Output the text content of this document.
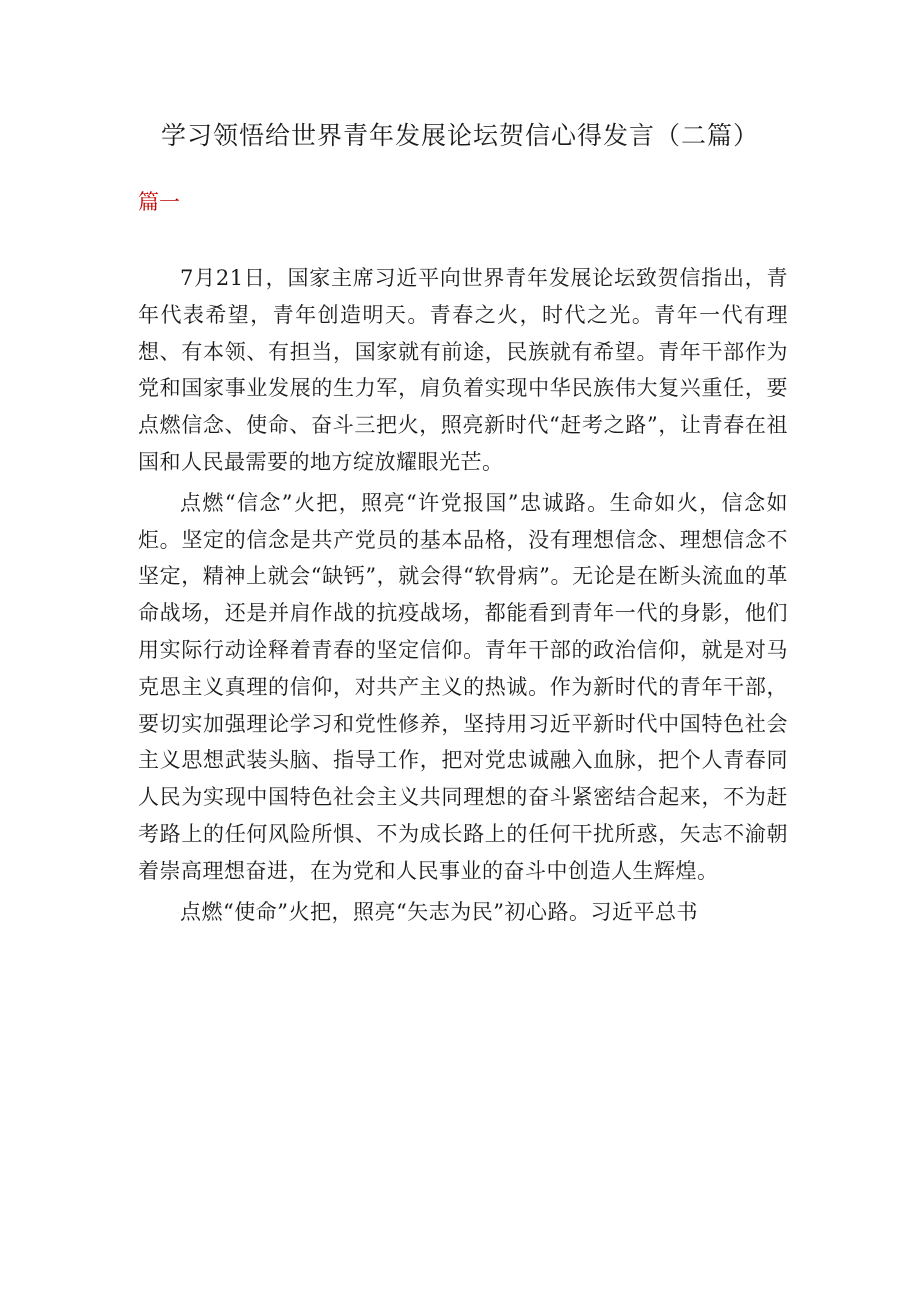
学习领悟给世界青年发展论坛贺信心得发言（二篇）
篇一

7月21日，国家主席习近平向世界青年发展论坛致贺信指出，青年代表希望，青年创造明天。青春之火，时代之光。青年一代有理想、有本领、有担当，国家就有前途，民族就有希望。青年干部作为党和国家事业发展的生力军，肩负着实现中华民族伟大复兴重任，要点燃信念、使命、奋斗三把火，照亮新时代“赶考之路”，让青春在祖国和人民最需要的地方绽放耀眼光芒。

点燃“信念”火把，照亮“许党报国”忠诚路。生命如火，信念如炬。坚定的信念是共产党员的基本品格，没有理想信念、理想信念不坚定，精神上就会“缺钙”，就会得“软骨病”。无论是在断头流血的革命战场，还是并肩作战的抗疫战场，都能看到青年一代的身影，他们用实际行动诠释着青春的坚定信仰。青年干部的政治信仰，就是对马克思主义真理的信仰，对共产主义的热诚。作为新时代的青年干部，要切实加强理论学习和党性修养，坚持用习近平新时代中国特色社会主义思想武装头脑、指导工作，把对党忠诚融入血脉，把个人青春同人民为实现中国特色社会主义共同理想的奋斗紧密结合起来，不为赶考路上的任何风险所惧、不为成长路上的任何干扰所惑，矢志不渝朝着崇高理想奋进，在为党和人民事业的奋斗中创造人生辉煌。

点燃“使命”火把，照亮“矢志为民”初心路。习近平总书
